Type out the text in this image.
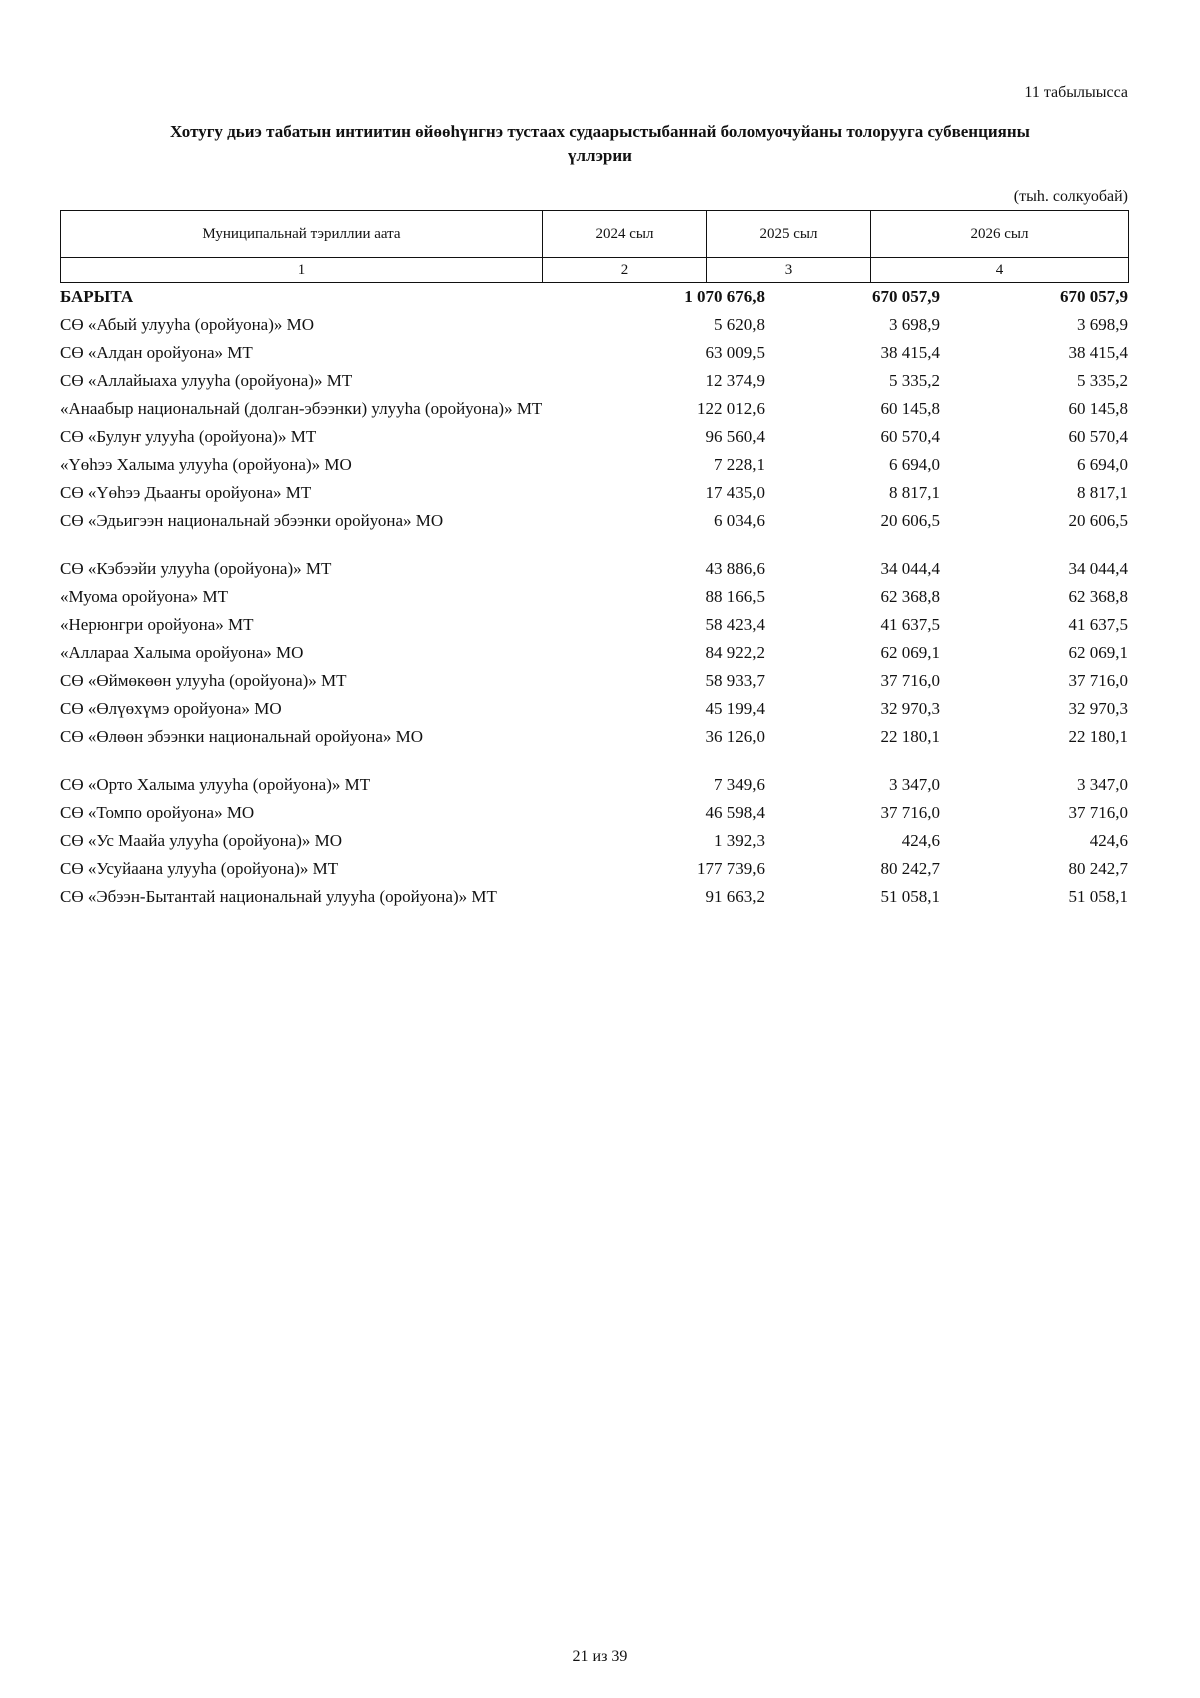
11 табылыысса
Хотугу дьиэ табатын интиитин өйөөһүнгнэ тустаах судаарыстыбаннай боломуочуйаны толорууга субвенцияны
үллэрии
(тыһ. солкуобай)
Муниципальнай тэриллии аата	2024 сыл	2025 сыл	2026 сыл
1	2	3	4
БАРЫТА	1 070 676,8	670 057,9	670 057,9
СӨ «Абый улууһа (оройуона)» МО	5 620,8	3 698,9	3 698,9
СӨ «Алдан оройуона» МТ	63 009,5	38 415,4	38 415,4
СӨ «Аллайыаха улууһа (оройуона)» МТ	12 374,9	5 335,2	5 335,2
«Анаабыр национальнай (долган-эбээнки) улууһа (оройуона)» МТ	122 012,6	60 145,8	60 145,8
СӨ «Булуҥ улууһа (оройуона)» МТ	96 560,4	60 570,4	60 570,4
«Үөһээ Халыма улууһа (оройуона)» МО	7 228,1	6 694,0	6 694,0
СӨ «Үөһээ Дьааҥы оройуона» МТ	17 435,0	8 817,1	8 817,1
СӨ «Эдьигээн национальнай эбээнки оройуона» МО	6 034,6	20 606,5	20 606,5
СӨ «Кэбээйи улууһа (оройуона)» МТ	43 886,6	34 044,4	34 044,4
«Муома оройуона» МТ	88 166,5	62 368,8	62 368,8
«Нерюнгри оройуона» МТ	58 423,4	41 637,5	41 637,5
«Аллараа Халыма оройуона» МО	84 922,2	62 069,1	62 069,1
СӨ «Өймөкөөн улууһа (оройуона)» МТ	58 933,7	37 716,0	37 716,0
СӨ «Өлүөхүмэ оройуона» МО	45 199,4	32 970,3	32 970,3
СӨ «Өлөөн эбээнки национальнай оройуона» МО	36 126,0	22 180,1	22 180,1
СӨ «Орто Халыма улууһа (оройуона)» МТ	7 349,6	3 347,0	3 347,0
СӨ «Томпо оройуона» МО	46 598,4	37 716,0	37 716,0
СӨ «Ус Маайа улууһа (оройуона)» МО	1 392,3	424,6	424,6
СӨ «Усуйаана улууһа (оройуона)» МТ	177 739,6	80 242,7	80 242,7
СӨ «Эбээн-Бытантай национальнай улууһа (оройуона)» МТ	91 663,2	51 058,1	51 058,1
21 из 39
